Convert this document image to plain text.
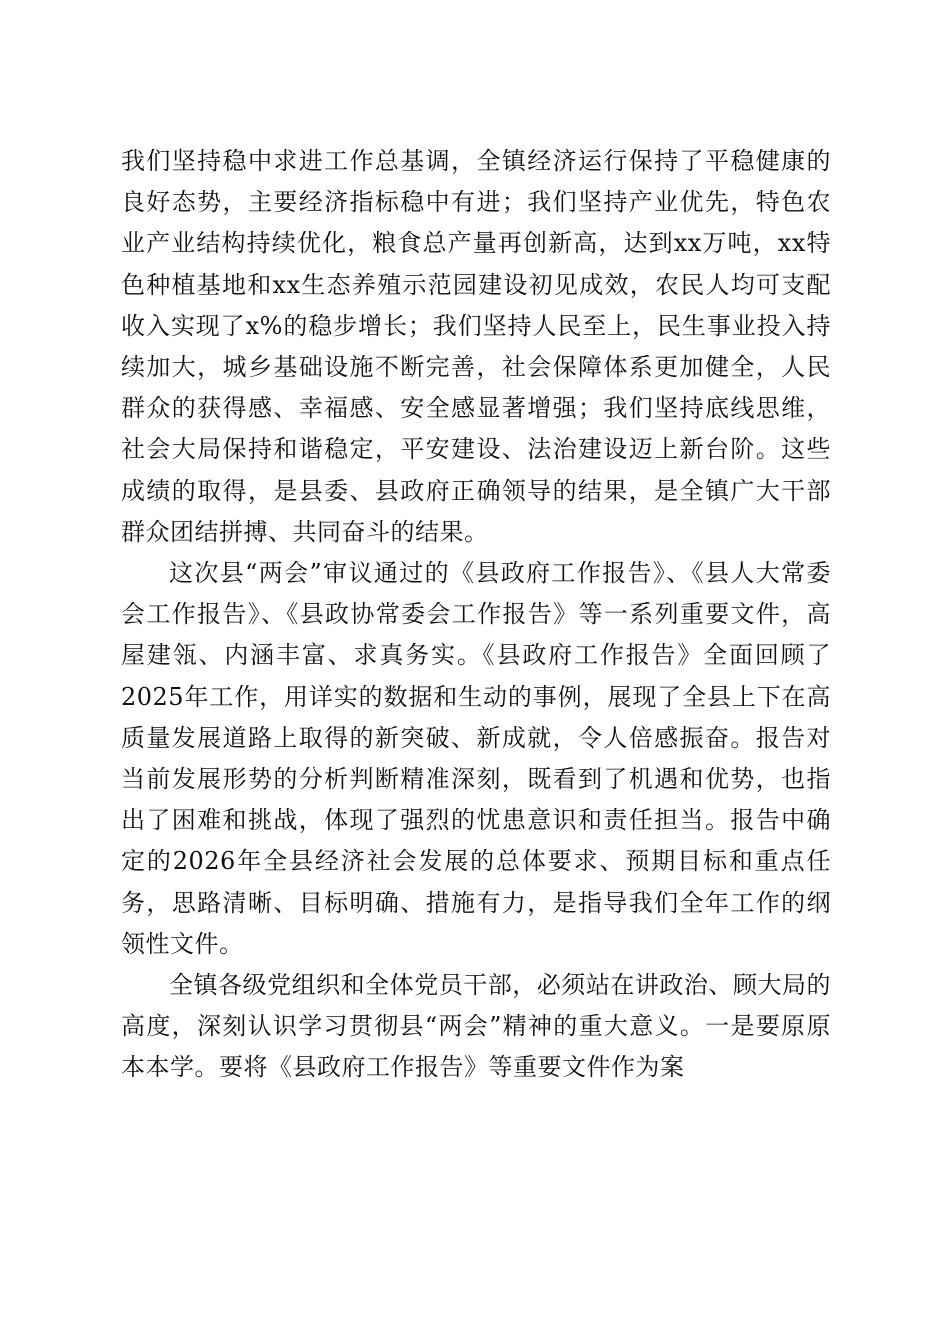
我们坚持稳中求进工作总基调，全镇经济运行保持了平稳健康的良好态势，主要经济指标稳中有进；我们坚持产业优先，特色农业产业结构持续优化，粮食总产量再创新高，达到xx万吨，xx特色种植基地和xx生态养殖示范园建设初见成效，农民人均可支配收入实现了x%的稳步增长；我们坚持人民至上，民生事业投入持续加大，城乡基础设施不断完善，社会保障体系更加健全，人民群众的获得感、幸福感、安全感显著增强；我们坚持底线思维，社会大局保持和谐稳定，平安建设、法治建设迈上新台阶。这些成绩的取得，是县委、县政府正确领导的结果，是全镇广大干部群众团结拼搏、共同奋斗的结果。

这次县“两会”审议通过的《县政府工作报告》、《县人大常委会工作报告》、《县政协常委会工作报告》等一系列重要文件，高屋建瓴、内涵丰富、求真务实。《县政府工作报告》全面回顾了2025年工作，用详实的数据和生动的事例，展现了全县上下在高质量发展道路上取得的新突破、新成就，令人倍感振奋。报告对当前发展形势的分析判断精准深刻，既看到了机遇和优势，也指出了困难和挑战，体现了强烈的忧患意识和责任担当。报告中确定的2026年全县经济社会发展的总体要求、预期目标和重点任务，思路清晰、目标明确、措施有力，是指导我们全年工作的纲领性文件。

全镇各级党组织和全体党员干部，必须站在讲政治、顾大局的高度，深刻认识学习贯彻县“两会”精神的重大意义。一是要原原本本学。要将《县政府工作报告》等重要文件作为案
